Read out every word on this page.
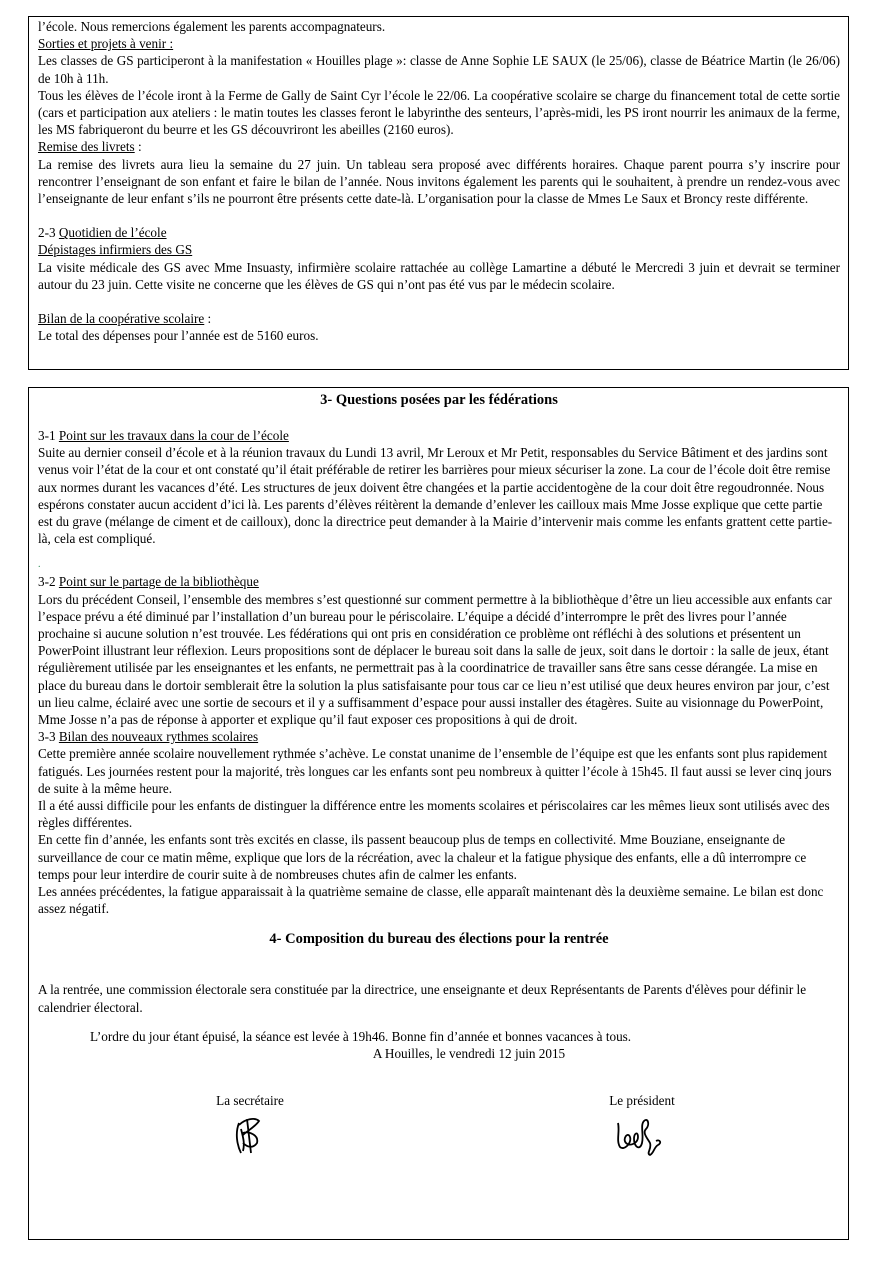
l’école. Nous remercions également les parents accompagnateurs.

Sorties et projets à venir :

Les classes de GS participeront à la manifestation « Houilles plage »: classe de Anne Sophie LE SAUX (le 25/06), classe de Béatrice Martin (le 26/06) de 10h à 11h.

Tous les élèves de l’école iront à la Ferme de Gally de Saint Cyr l’école le 22/06. La coopérative scolaire se charge du financement total de cette sortie (cars et participation aux ateliers : le matin toutes les classes feront le labyrinthe des senteurs, l’après-midi, les PS iront nourrir les animaux de la ferme, les MS fabriqueront du beurre et les GS découvriront les abeilles (2160 euros).

Remise des livrets :

La remise des livrets aura lieu la semaine du 27 juin. Un tableau sera proposé avec différents horaires. Chaque parent pourra s’y inscrire pour rencontrer l’enseignant de son enfant et faire le bilan de l’année. Nous invitons également les parents qui le souhaitent, à prendre un rendez-vous avec l’enseignante de leur enfant s’ils ne pourront être présents cette date-là. L’organisation pour la classe de Mmes Le Saux et Broncy reste différente.

2-3 Quotidien de l’école

Dépistages infirmiers des GS

La visite médicale des GS avec Mme Insuasty, infirmière scolaire rattachée au collège Lamartine a débuté le Mercredi 3 juin et devrait se terminer autour du 23 juin. Cette visite ne concerne que les élèves de GS qui n’ont pas été vus par le médecin scolaire.

Bilan de la coopérative scolaire :

Le total des dépenses pour l’année est de 5160 euros.

3- Questions posées par les fédérations

3-1 Point sur les travaux dans la cour de l’école

Suite au dernier conseil d’école et à la réunion travaux du Lundi 13 avril, Mr Leroux et Mr Petit, responsables du Service Bâtiment et des jardins sont venus voir l’état de la cour et ont constaté qu’il était préférable de retirer les barrières pour mieux sécuriser la zone. La cour de l’école doit être remise aux normes durant les vacances d’été. Les structures de jeux doivent être changées et la partie accidentogène de la cour doit être regoudronnée. Nous espérons constater aucun accident d’ici là. Les parents d’élèves réitèrent la demande d’enlever les cailloux mais Mme Josse explique que cette partie est du grave (mélange de ciment et de cailloux), donc la directrice peut demander à la Mairie d’intervenir mais comme les enfants grattent cette partie-là, cela est compliqué.

.

3-2 Point sur le partage de la bibliothèque

Lors du précédent Conseil, l’ensemble des membres s’est questionné sur comment permettre à la bibliothèque d’être un lieu accessible aux enfants car l’espace prévu a été diminué par l’installation d’un bureau pour le périscolaire. L’équipe a décidé d’interrompre le prêt des livres pour l’année prochaine si aucune solution n’est trouvée. Les fédérations qui ont pris en considération ce problème ont réfléchi à des solutions et présentent un PowerPoint illustrant leur réflexion. Leurs propositions sont de déplacer le bureau soit dans la salle de jeux, soit dans le dortoir : la salle de jeux, étant régulièrement utilisée par les enseignantes et les enfants, ne permettrait pas à la coordinatrice de travailler sans être sans cesse dérangée. La mise en place du bureau dans le dortoir semblerait être la solution la plus satisfaisante pour tous car ce lieu n’est utilisé que deux heures environ par jour, c’est un lieu calme, éclairé avec une sortie de secours et il y a suffisamment d’espace pour aussi installer des étagères. Suite au visionnage du PowerPoint, Mme Josse n’a pas de réponse à apporter et explique qu’il faut exposer ces propositions à qui de droit.

3-3 Bilan des nouveaux rythmes scolaires

Cette première année scolaire nouvellement rythmée s’achève. Le constat unanime de l’ensemble de l’équipe est que les enfants sont plus rapidement fatigués. Les journées restent pour la majorité, très longues car les enfants sont peu nombreux à quitter l’école à 15h45. Il faut aussi se lever cinq jours de suite à la même heure.

Il a été aussi difficile pour les enfants de distinguer la différence entre les moments scolaires et périscolaires car les mêmes lieux sont utilisés avec des règles différentes.

En cette fin d’année, les enfants sont très excités en classe, ils passent beaucoup plus de temps en collectivité. Mme Bouziane, enseignante de surveillance de cour ce matin même, explique que lors de la récréation, avec la chaleur et la fatigue physique des enfants, elle a dû interrompre ce temps pour leur interdire de courir suite à de nombreuses chutes afin de calmer les enfants.

Les années précédentes, la fatigue apparaissait à la quatrième semaine de classe, elle apparaît maintenant dès la deuxième semaine. Le bilan est donc assez négatif.

4- Composition du bureau des élections pour la rentrée

A la rentrée, une commission électorale sera constituée par la directrice, une enseignante et deux Représentants de Parents d'élèves pour définir le calendrier électoral.

L’ordre du jour étant épuisé, la séance est levée à 19h46. Bonne fin d’année et bonnes vacances à tous.

A Houilles, le vendredi 12 juin 2015

La secrétaire	Le président
